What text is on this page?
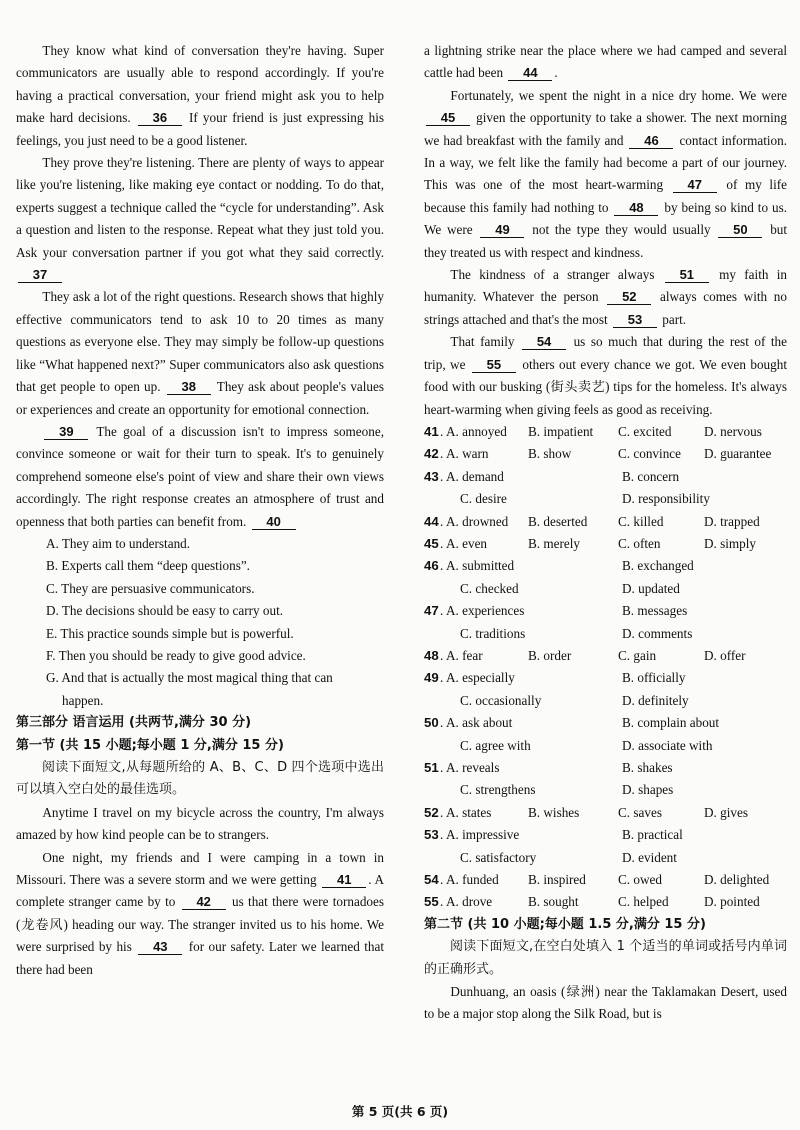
They know what kind of conversation they're having. Super communicators are usually able to respond accordingly. If you're having a practical conversation, your friend might ask you to help make hard decisions. 36 If your friend is just expressing his feelings, you just need to be a good listener.

They prove they're listening. There are plenty of ways to appear like you're listening, like making eye contact or nodding. To do that, experts suggest a technique called the “cycle for understanding”. Ask a question and listen to the response. Repeat what they just told you. Ask your conversation partner if you got what they said correctly. 37

They ask a lot of the right questions. Research shows that highly effective communicators tend to ask 10 to 20 times as many questions as everyone else. They may simply be follow-up questions like “What happened next?” Super communicators also ask questions that get people to open up. 38 They ask about people's values or experiences and create an opportunity for emotional connection.

39 The goal of a discussion isn't to impress someone, convince someone or wait for their turn to speak. It's to genuinely comprehend someone else's point of view and share their own views accordingly. The right response creates an atmosphere of trust and openness that both parties can benefit from. 40

A. They aim to understand.
B. Experts call them “deep questions”.
C. They are persuasive communicators.
D. The decisions should be easy to carry out.
E. This practice sounds simple but is powerful.
F. Then you should be ready to give good advice.
G. And that is actually the most magical thing that can
happen.
第三部分 语言运用 (共两节,满分 30 分)
第一节 (共 15 小题;每小题 1 分,满分 15 分)

阅读下面短文,从每题所给的 A、B、C、D 四个选项中选出可以填入空白处的最佳选项。

Anytime I travel on my bicycle across the country, I'm always amazed by how kind people can be to strangers.

One night, my friends and I were camping in a town in Missouri. There was a severe storm and we were getting 41 . A complete stranger came by to 42 us that there were tornadoes (龙卷风) heading our way. The stranger invited us to his home. We were surprised by his 43 for our safety. Later we learned that there had been

a lightning strike near the place where we had camped and several cattle had been 44 .

Fortunately, we spent the night in a nice dry home. We were 45 given the opportunity to take a shower. The next morning we had breakfast with the family and 46 contact information. In a way, we felt like the family had become a part of our journey. This was one of the most heart-warming 47 of my life because this family had nothing to 48 by being so kind to us. We were 49 not the type they would usually 50 but they treated us with respect and kindness.

The kindness of a stranger always 51 my faith in humanity. Whatever the person 52 always comes with no strings attached and that's the most 53 part.

That family 54 us so much that during the rest of the trip, we 55 others out every chance we got. We even bought food with our busking (街头卖艺) tips for the homeless. It's always heart-warming when giving feels as good as receiving.

41 . A. annoyed	B. impatient	C. excited	D. nervous
42 . A. warn	B. show	C. convince	D. guarantee
43 . A. demand	B. concern
C. desire	D. responsibility
44 . A. drowned	B. deserted	C. killed	D. trapped
45 . A. even	B. merely	C. often	D. simply
46 . A. submitted	B. exchanged
C. checked	D. updated
47 . A. experiences	B. messages
C. traditions	D. comments
48 . A. fear	B. order	C. gain	D. offer
49 . A. especially	B. officially
C. occasionally	D. definitely
50 . A. ask about	B. complain about
C. agree with	D. associate with
51 . A. reveals	B. shakes
C. strengthens	D. shapes
52 . A. states	B. wishes	C. saves	D. gives
53 . A. impressive	B. practical
C. satisfactory	D. evident
54 . A. funded	B. inspired	C. owed	D. delighted
55 . A. drove	B. sought	C. helped	D. pointed
第二节 (共 10 小题;每小题 1.5 分,满分 15 分)

阅读下面短文,在空白处填入 1 个适当的单词或括号内单词的正确形式。

Dunhuang, an oasis (绿洲) near the Taklamakan Desert, used to be a major stop along the Silk Road, but is

第 5 页(共 6 页)
